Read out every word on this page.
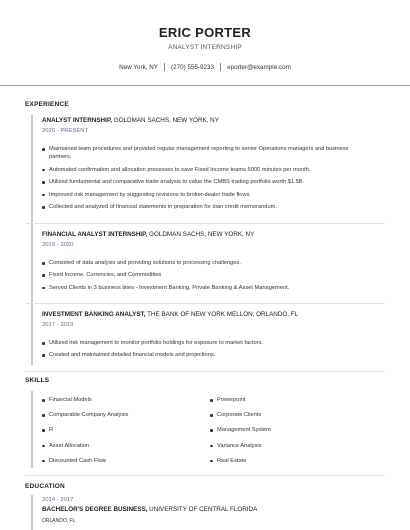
ERIC PORTER
ANALYST INTERNSHIP
New York, NY (270) 555-9233 eporter@example.com
EXPERIENCE
ANALYST INTERNSHIP, GOLDMAN SACHS, NEW YORK, NY
2020 - PRESENT
Maintained team procedures and provided regular management reporting to senior Operations managers and business partners.
Automated confirmation and allocation processes to save Fixed Income teams 5000 minutes per month.
Utilized fundamental and comparative trade analysis to value the CMBS trading portfolio worth $1.5B.
Improved risk management by suggesting revisions to broker-dealer trade flows.
Collected and analyzed of financial statements in preparation for loan credit memorandum.
FINANCIAL ANALYST INTERNSHIP, GOLDMAN SACHS, NEW YORK, NY
2019 - 2020
Consisted of data analysis and providing solutions to processing challenges.
Fixed Income, Currencies, and Commodities
Served Clients in 3 business lines - Investment Banking, Private Banking & Asset Management.
INVESTMENT BANKING ANALYST, THE BANK OF NEW YORK MELLON, ORLANDO, FL
2017 - 2019
Utilized risk management to monitor portfolio holdings for exposure to market factors.
Created and maintained detailed financial models and projections.
SKILLS
Financial Models
Comparable Company Analysis
R
Asset Allocation
Discounted Cash Flow
Powerpoint
Corporate Clients
Management System
Variance Analysis
Real Estate
EDUCATION
2014 - 2017
BACHELOR'S DEGREE BUSINESS, UNIVERSITY OF CENTRAL FLORIDA
ORLANDO, FL
